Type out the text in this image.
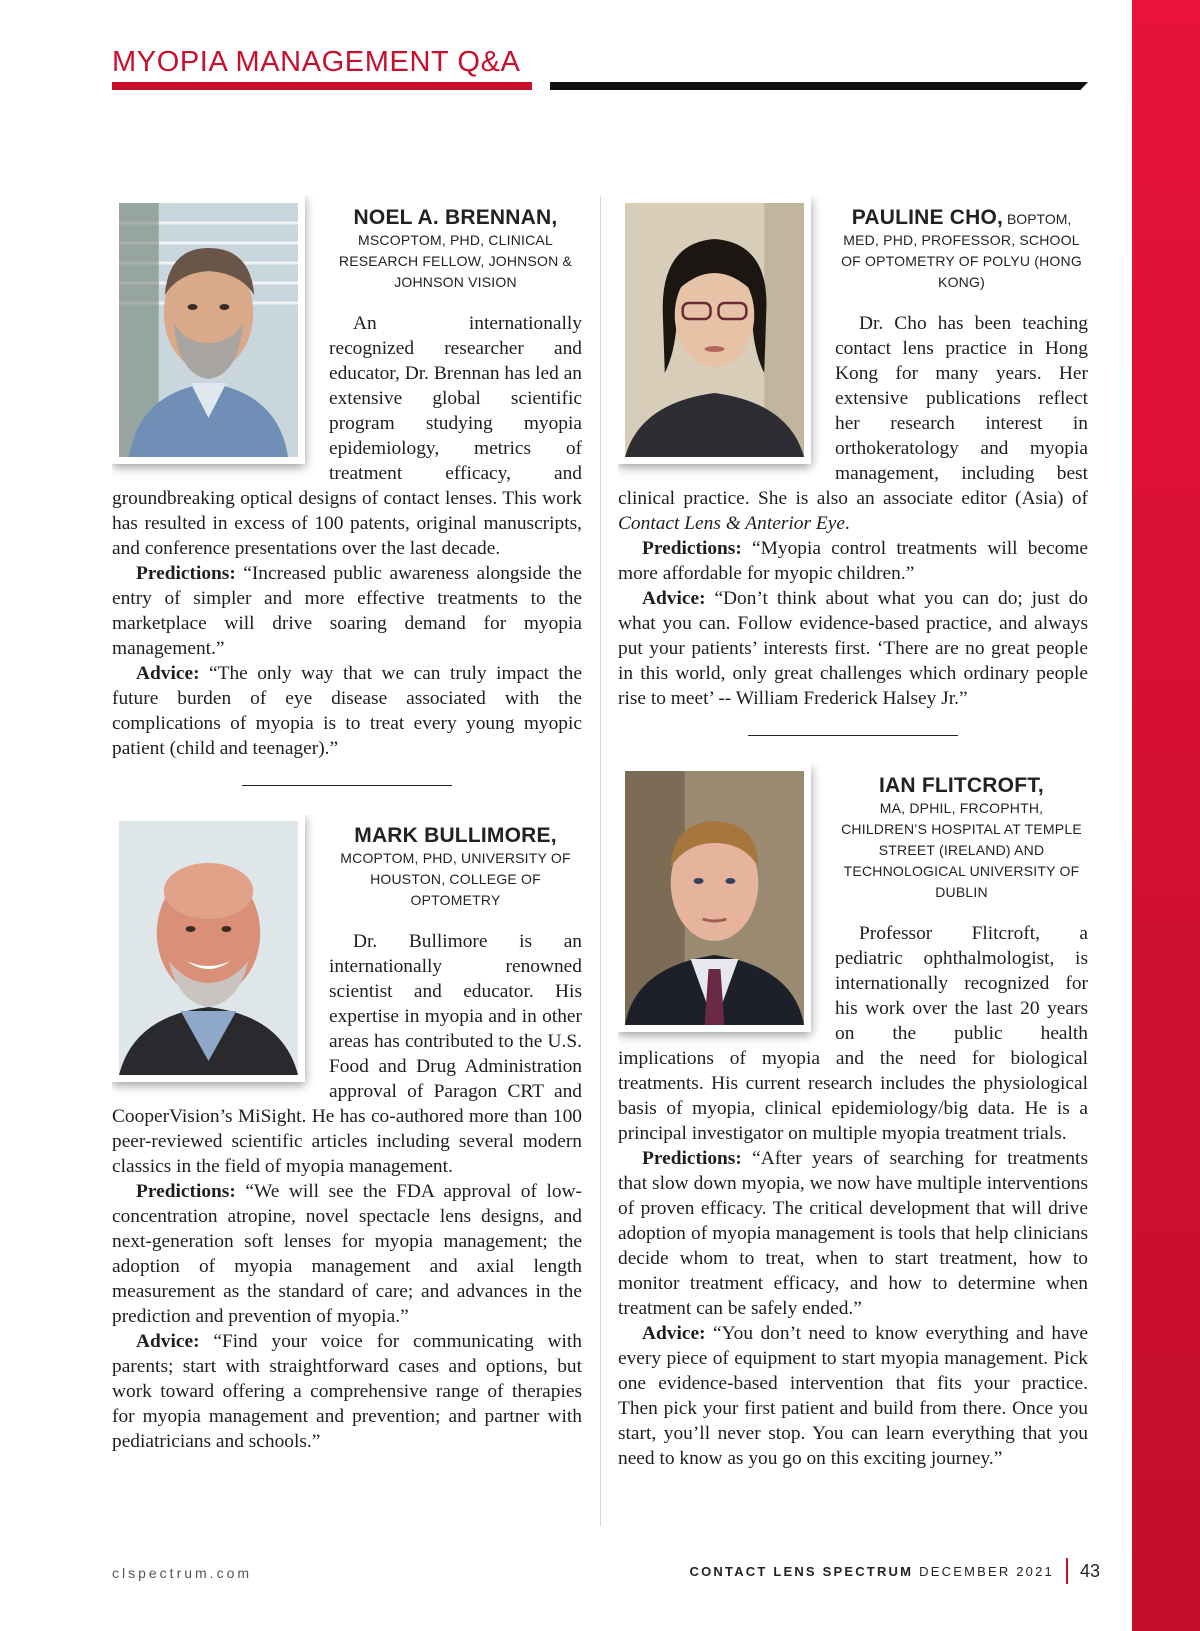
MYOPIA MANAGEMENT Q&A
NOEL A. BRENNAN,
MSCOPTOM, PHD, CLINICAL RESEARCH FELLOW, JOHNSON & JOHNSON VISION

An internationally recognized researcher and educator, Dr. Brennan has led an extensive global scientific program studying myopia epidemiology, metrics of treatment efficacy, and groundbreaking optical designs of contact lenses. This work has resulted in excess of 100 patents, original manuscripts, and conference presentations over the last decade.

Predictions: “Increased public awareness alongside the entry of simpler and more effective treatments to the marketplace will drive soaring demand for myopia management.”

Advice: “The only way that we can truly impact the future burden of eye disease associated with the complications of myopia is to treat every young myopic patient (child and teenager).”

MARK BULLIMORE,
MCOPTOM, PHD, UNIVERSITY OF HOUSTON, COLLEGE OF OPTOMETRY

Dr. Bullimore is an internationally renowned scientist and educator. His expertise in myopia and in other areas has contributed to the U.S. Food and Drug Administration approval of Paragon CRT and CooperVision’s MiSight. He has co-authored more than 100 peer-reviewed scientific articles including several modern classics in the field of myopia management.

Predictions: “We will see the FDA approval of low-concentration atropine, novel spectacle lens designs, and next-generation soft lenses for myopia management; the adoption of myopia management and axial length measurement as the standard of care; and advances in the prediction and prevention of myopia.”

Advice: “Find your voice for communicating with parents; start with straightforward cases and options, but work toward offering a comprehensive range of therapies for myopia management and prevention; and partner with pediatricians and schools.”

PAULINE CHO, BOPTOM,
MED, PHD, PROFESSOR, SCHOOL OF OPTOMETRY OF POLYU (HONG KONG)

Dr. Cho has been teaching contact lens practice in Hong Kong for many years. Her extensive publications reflect her research interest in orthokeratology and myopia management, including best clinical practice. She is also an associate editor (Asia) of Contact Lens & Anterior Eye.

Predictions: “Myopia control treatments will become more affordable for myopic children.”

Advice: “Don’t think about what you can do; just do what you can. Follow evidence-based practice, and always put your patients’ interests first. ‘There are no great people in this world, only great challenges which ordinary people rise to meet’ -- William Frederick Halsey Jr.”

IAN FLITCROFT,
MA, DPHIL, FRCOPHTH, CHILDREN’S HOSPITAL AT TEMPLE STREET (IRELAND) AND TECHNOLOGICAL UNIVERSITY OF DUBLIN

Professor Flitcroft, a pediatric ophthalmologist, is internationally recognized for his work over the last 20 years on the public health implications of myopia and the need for biological treatments. His current research includes the physiological basis of myopia, clinical epidemiology/big data. He is a principal investigator on multiple myopia treatment trials.

Predictions: “After years of searching for treatments that slow down myopia, we now have multiple interventions of proven efficacy. The critical development that will drive adoption of myopia management is tools that help clinicians decide whom to treat, when to start treatment, how to monitor treatment efficacy, and how to determine when treatment can be safely ended.”

Advice: “You don’t need to know everything and have every piece of equipment to start myopia management. Pick one evidence-based intervention that fits your practice. Then pick your first patient and build from there. Once you start, you’ll never stop. You can learn everything that you need to know as you go on this exciting journey.”

clspectrum.com	CONTACT LENS SPECTRUM DECEMBER 2021 43
